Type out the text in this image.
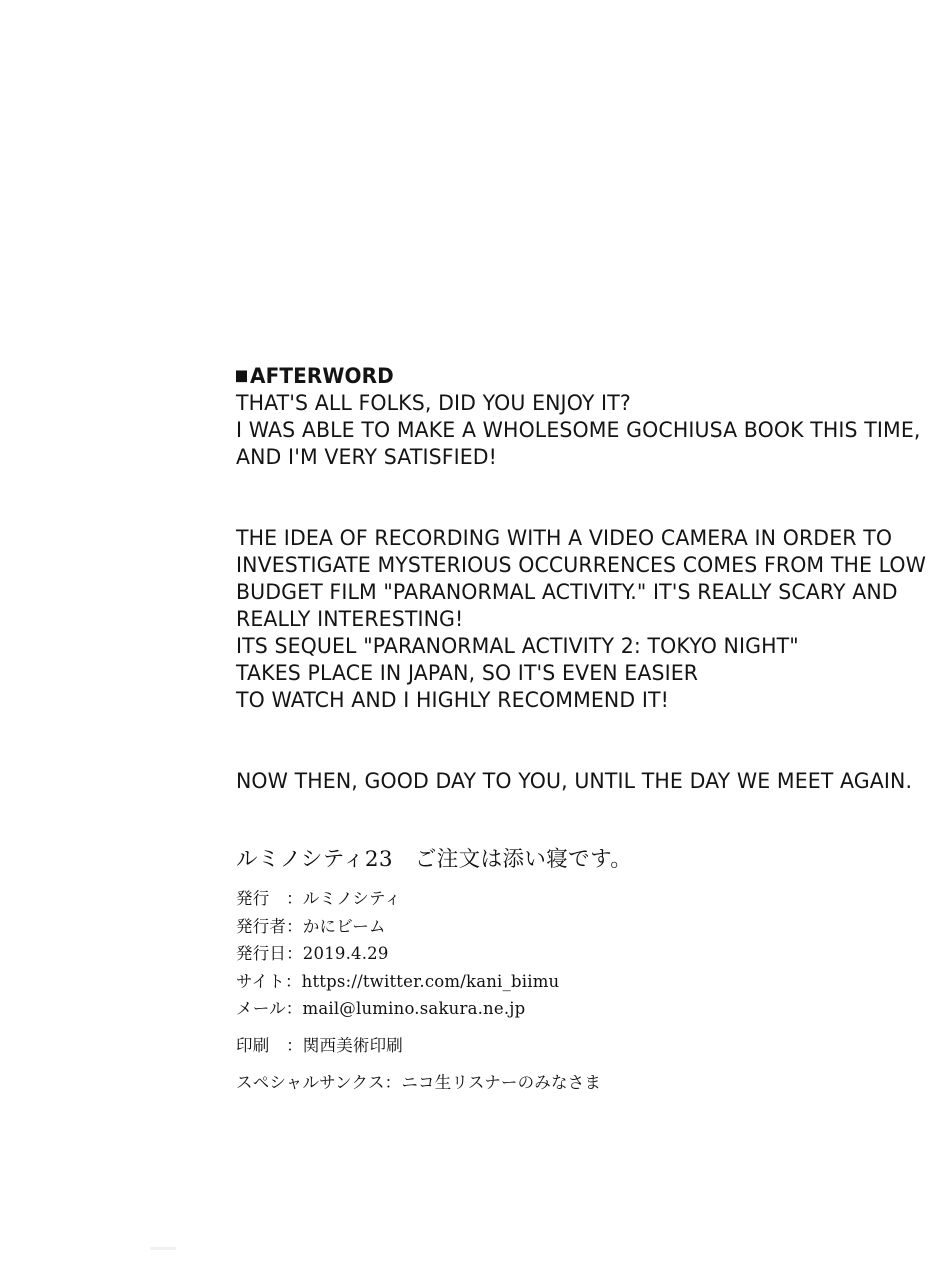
AFTERWORD
THAT'S ALL FOLKS, DID YOU ENJOY IT?
I WAS ABLE TO MAKE A WHOLESOME GOCHIUSA BOOK THIS TIME,
AND I'M VERY SATISFIED!
THE IDEA OF RECORDING WITH A VIDEO CAMERA IN ORDER TO
INVESTIGATE MYSTERIOUS OCCURRENCES COMES FROM THE LOW
BUDGET FILM "PARANORMAL ACTIVITY." IT'S REALLY SCARY AND
REALLY INTERESTING!
ITS SEQUEL "PARANORMAL ACTIVITY 2: TOKYO NIGHT"
TAKES PLACE IN JAPAN, SO IT'S EVEN EASIER
TO WATCH AND I HIGHLY RECOMMEND IT!
NOW THEN, GOOD DAY TO YOU, UNTIL THE DAY WE MEET AGAIN.
ルミノシティ23　ご注文は添い寝です。
発行　：ルミノシティ
発行者：かにビーム
発行日：2019.4.29
サイト：https://twitter.com/kani_biimu
メール：mail@lumino.sakura.ne.jp
印刷　：関西美術印刷
スペシャルサンクス：ニコ生リスナーのみなさま
